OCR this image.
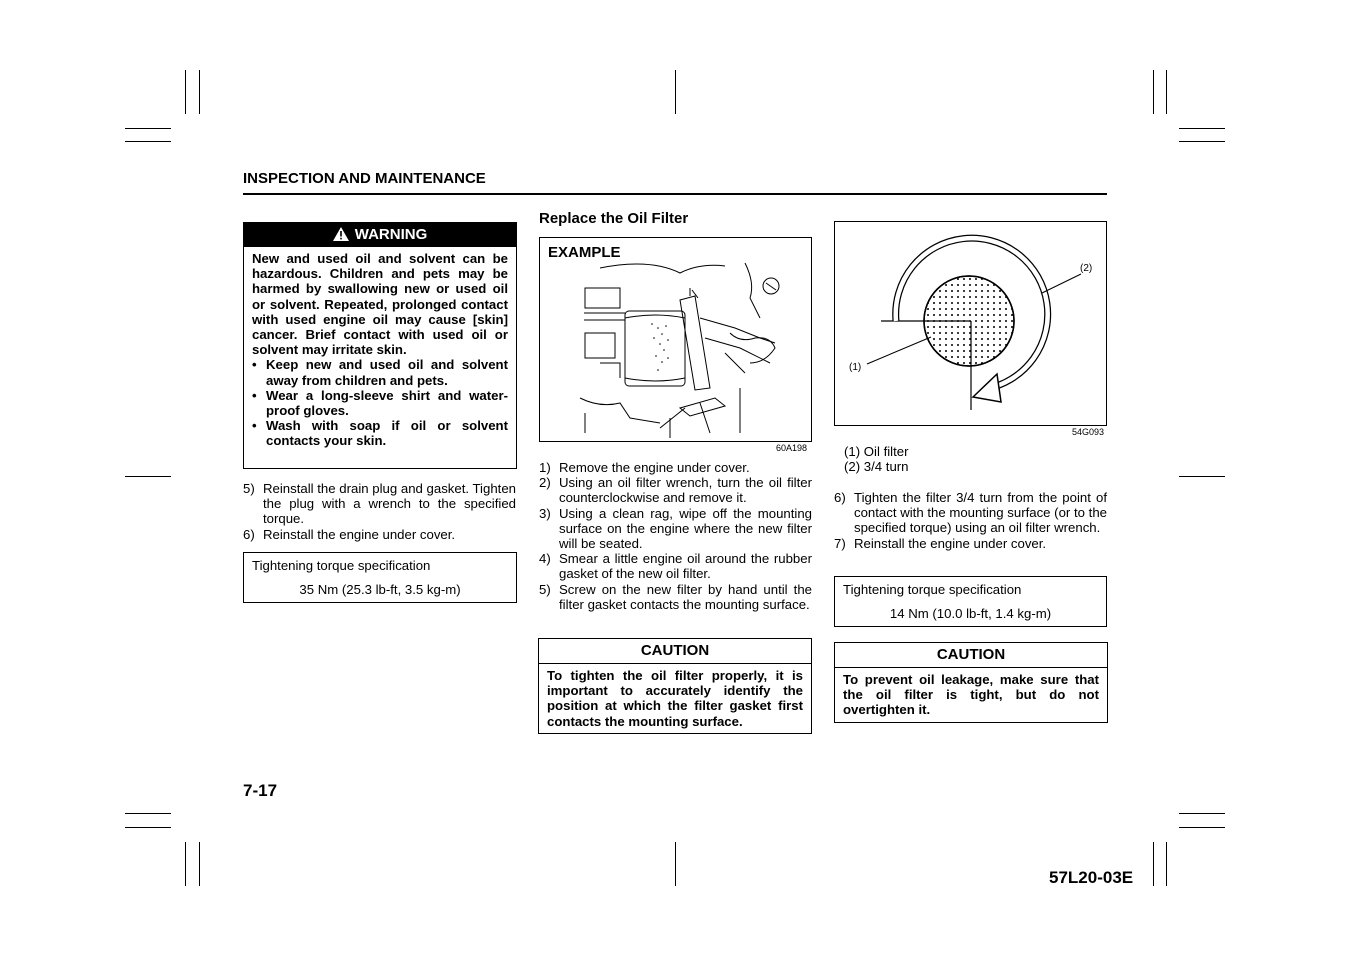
INSPECTION AND MAINTENANCE
WARNING
New and used oil and solvent can be hazardous. Children and pets may be harmed by swallowing new or used oil or solvent. Repeated, prolonged contact with used engine oil may cause [skin] cancer. Brief contact with used oil or solvent may irritate skin.
• Keep new and used oil and solvent away from children and pets.
• Wear a long-sleeve shirt and water-proof gloves.
• Wash with soap if oil or solvent contacts your skin.
5) Reinstall the drain plug and gasket. Tighten the plug with a wrench to the specified torque.
6) Reinstall the engine under cover.
Tightening torque specification
35 Nm (25.3 lb-ft, 3.5 kg-m)
Replace the Oil Filter
EXAMPLE
60A198
1) Remove the engine under cover.
2) Using an oil filter wrench, turn the oil filter counterclockwise and remove it.
3) Using a clean rag, wipe off the mounting surface on the engine where the new filter will be seated.
4) Smear a little engine oil around the rubber gasket of the new oil filter.
5) Screw on the new filter by hand until the filter gasket contacts the mounting surface.
CAUTION
To tighten the oil filter properly, it is important to accurately identify the position at which the filter gasket first contacts the mounting surface.
(1)
(2)
54G093
(1) Oil filter
(2) 3/4 turn
6) Tighten the filter 3/4 turn from the point of contact with the mounting surface (or to the specified torque) using an oil filter wrench.
7) Reinstall the engine under cover.
Tightening torque specification
14 Nm (10.0 lb-ft, 1.4 kg-m)
CAUTION
To prevent oil leakage, make sure that the oil filter is tight, but do not overtighten it.
7-17
57L20-03E
